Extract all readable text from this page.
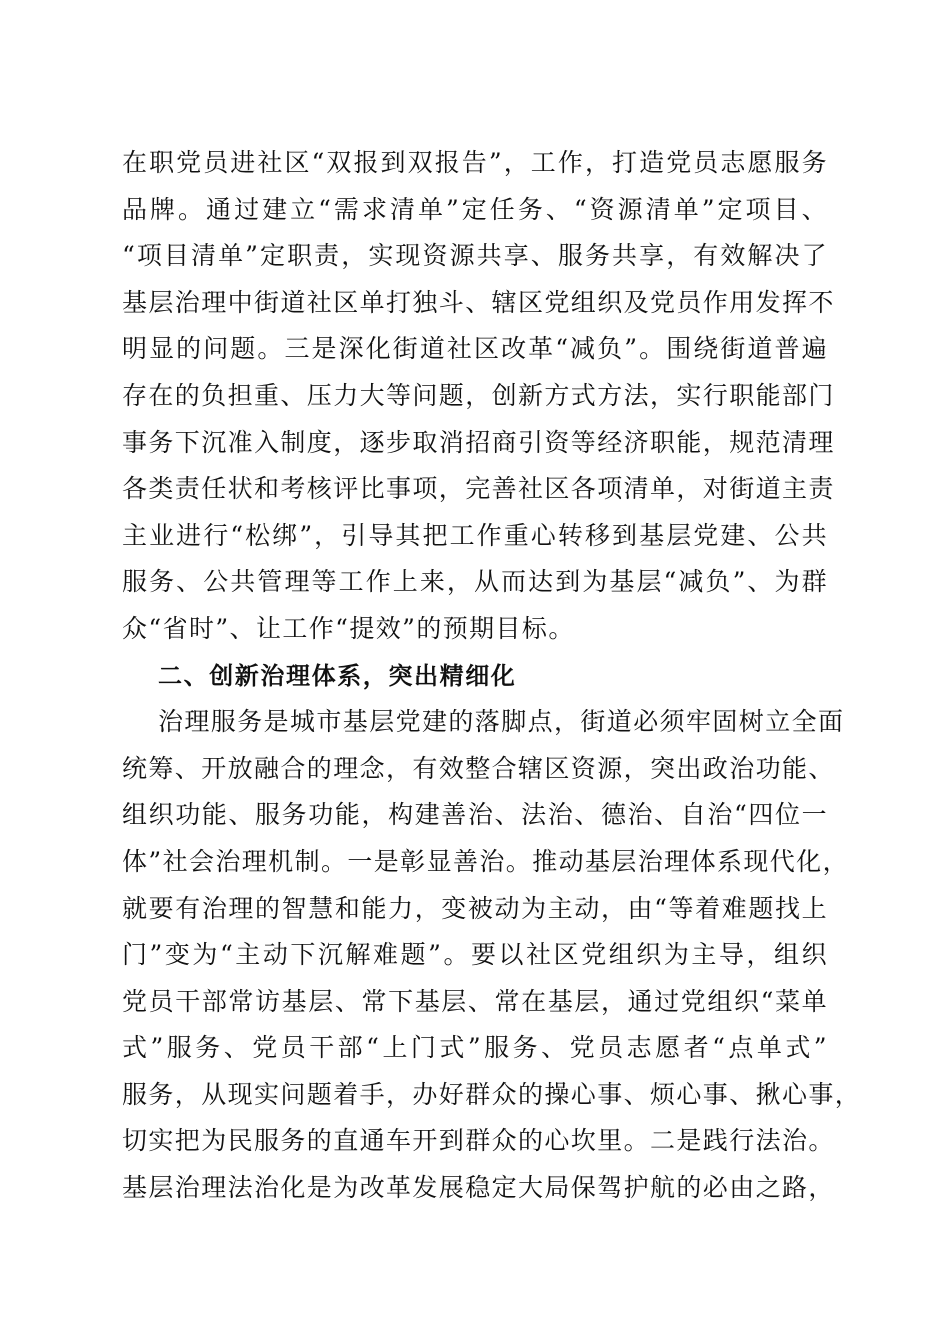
在职党员进社区“双报到双报告”，工作，打造党员志愿服务
品牌。通过建立“需求清单”定任务、“资源清单”定项目、
“项目清单”定职责，实现资源共享、服务共享，有效解决了
基层治理中街道社区单打独斗、辖区党组织及党员作用发挥不
明显的问题。三是深化街道社区改革“减负”。围绕街道普遍
存在的负担重、压力大等问题，创新方式方法，实行职能部门
事务下沉准入制度，逐步取消招商引资等经济职能，规范清理
各类责任状和考核评比事项，完善社区各项清单，对街道主责
主业进行“松绑”，引导其把工作重心转移到基层党建、公共
服务、公共管理等工作上来，从而达到为基层“减负”、为群
众“省时”、让工作“提效”的预期目标。
二、创新治理体系，突出精细化
治理服务是城市基层党建的落脚点，街道必须牢固树立全面
统筹、开放融合的理念，有效整合辖区资源，突出政治功能、
组织功能、服务功能，构建善治、法治、德治、自治“四位一
体”社会治理机制。一是彰显善治。推动基层治理体系现代化，
就要有治理的智慧和能力，变被动为主动，由“等着难题找上
门”变为“主动下沉解难题”。要以社区党组织为主导，组织
党员干部常访基层、常下基层、常在基层，通过党组织“菜单
式”服务、党员干部“上门式”服务、党员志愿者“点单式”
服务，从现实问题着手，办好群众的操心事、烦心事、揪心事，
切实把为民服务的直通车开到群众的心坎里。二是践行法治。
基层治理法治化是为改革发展稳定大局保驾护航的必由之路，
